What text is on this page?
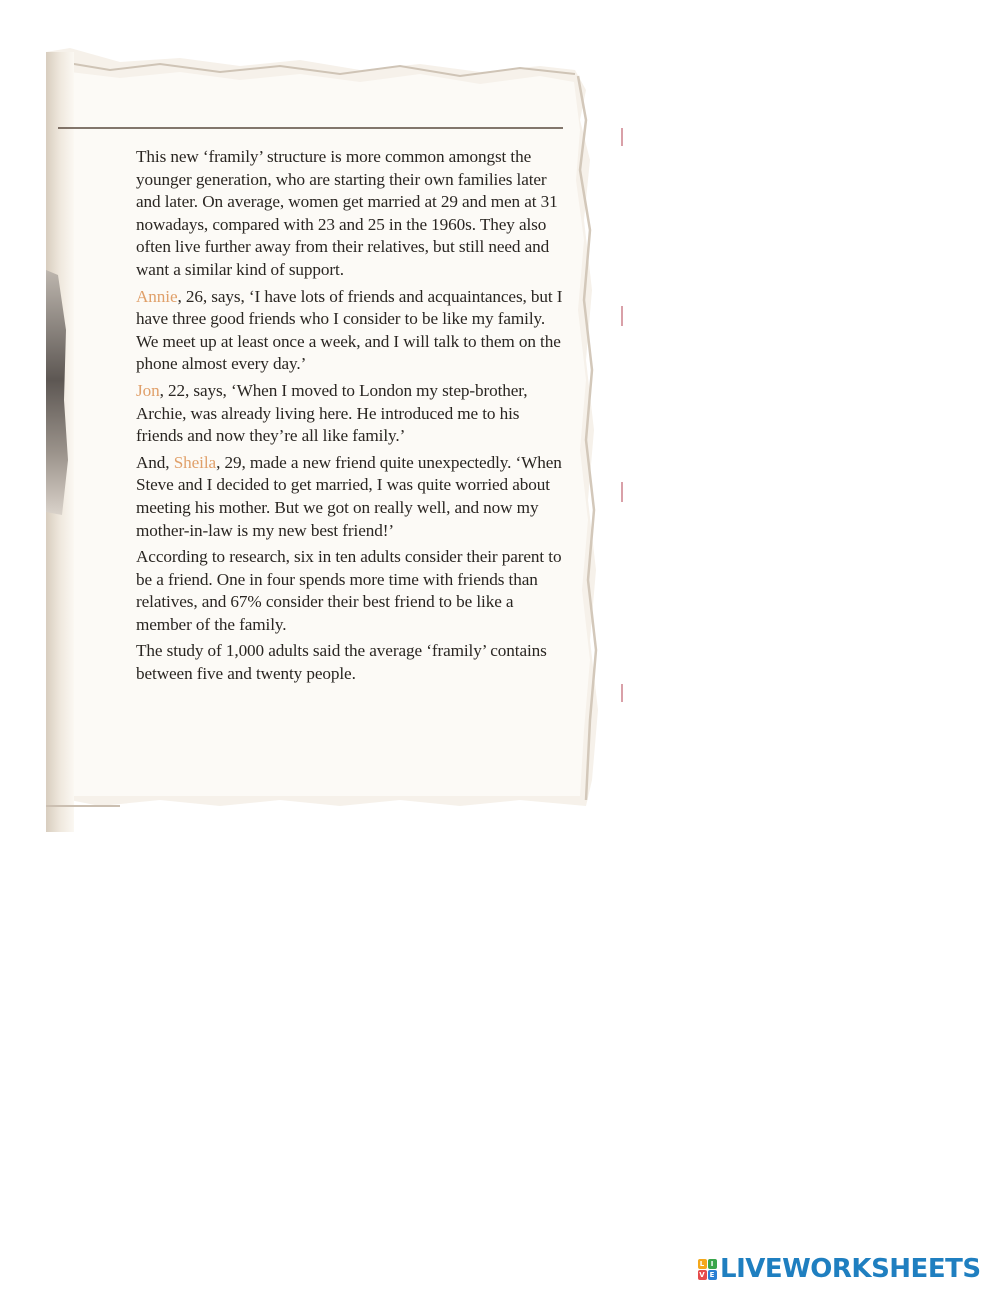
This new ‘framily’ structure is more common amongst the younger generation, who are starting their own families later and later. On average, women get married at 29 and men at 31 nowadays, compared with 23 and 25 in the 1960s. They also often live further away from their relatives, but still need and want a similar kind of support.

Annie, 26, says, ‘I have lots of friends and acquaintances, but I have three good friends who I consider to be like my family. We meet up at least once a week, and I will talk to them on the phone almost every day.’

Jon, 22, says, ‘When I moved to London my step-brother, Archie, was already living here. He introduced me to his friends and now they’re all like family.’

And, Sheila, 29, made a new friend quite unexpectedly. ‘When Steve and I decided to get married, I was quite worried about meeting his mother. But we got on really well, and now my mother-in-law is my new best friend!’

According to research, six in ten adults consider their parent to be a friend. One in four spends more time with friends than relatives, and 67% consider their best friend to be like a member of the family.

The study of 1,000 adults said the average ‘framily’ contains between five and twenty people.

L I
V E LIVEWORKSHEETS
